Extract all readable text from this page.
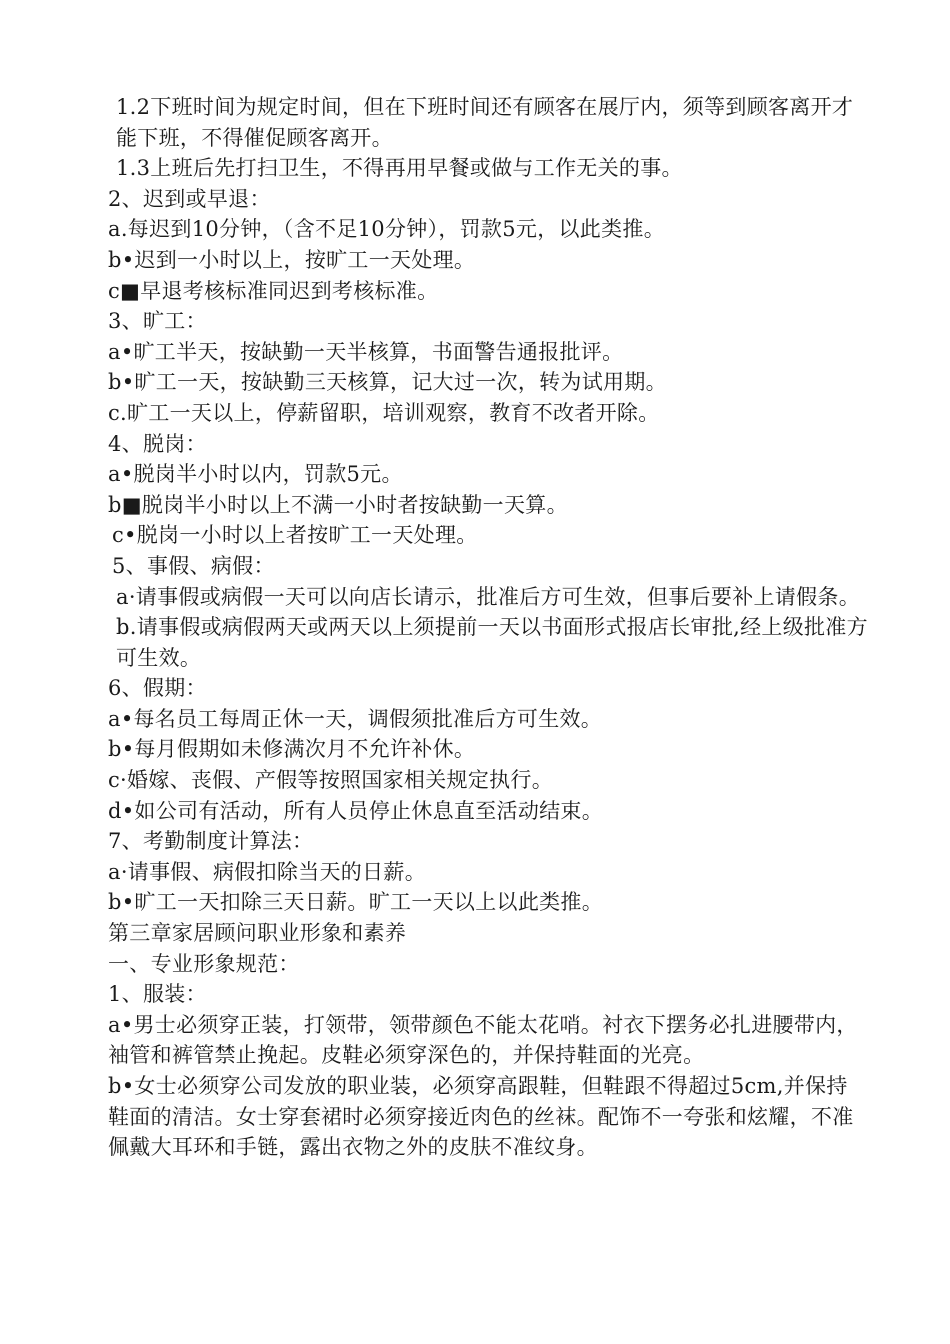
1.2下班时间为规定时间，但在下班时间还有顾客在展厅内，须等到顾客离开才能下班，不得催促顾客离开。
1.3上班后先打扫卫生，不得再用早餐或做与工作无关的事。
2、迟到或早退：
a.每迟到10分钟，（含不足10分钟），罚款5元，以此类推。
b•迟到一小时以上，按旷工一天处理。
c■早退考核标准同迟到考核标准。
3、旷工：
a•旷工半天，按缺勤一天半核算，书面警告通报批评。
b•旷工一天，按缺勤三天核算，记大过一次，转为试用期。
c.旷工一天以上，停薪留职，培训观察，教育不改者开除。
4、脱岗：
a•脱岗半小时以内，罚款5元。
b■脱岗半小时以上不满一小时者按缺勤一天算。
c•脱岗一小时以上者按旷工一天处理。
5、事假、病假：
a·请事假或病假一天可以向店长请示，批准后方可生效，但事后要补上请假条。
b.请事假或病假两天或两天以上须提前一天以书面形式报店长审批,经上级批准方可生效。
6、假期：
a•每名员工每周正休一天，调假须批准后方可生效。
b•每月假期如未修满次月不允许补休。
c·婚嫁、丧假、产假等按照国家相关规定执行。
d•如公司有活动，所有人员停止休息直至活动结束。
7、考勤制度计算法：
a·请事假、病假扣除当天的日薪。
b•旷工一天扣除三天日薪。旷工一天以上以此类推。
第三章家居顾问职业形象和素养
一、专业形象规范：
1、服装：
a•男士必须穿正装，打领带，领带颜色不能太花哨。衬衣下摆务必扎进腰带内，袖管和裤管禁止挽起。皮鞋必须穿深色的，并保持鞋面的光亮。
b•女士必须穿公司发放的职业装，必须穿高跟鞋，但鞋跟不得超过5cm,并保持鞋面的清洁。女士穿套裙时必须穿接近肉色的丝袜。配饰不一夸张和炫耀，不准佩戴大耳环和手链，露出衣物之外的皮肤不准纹身。
